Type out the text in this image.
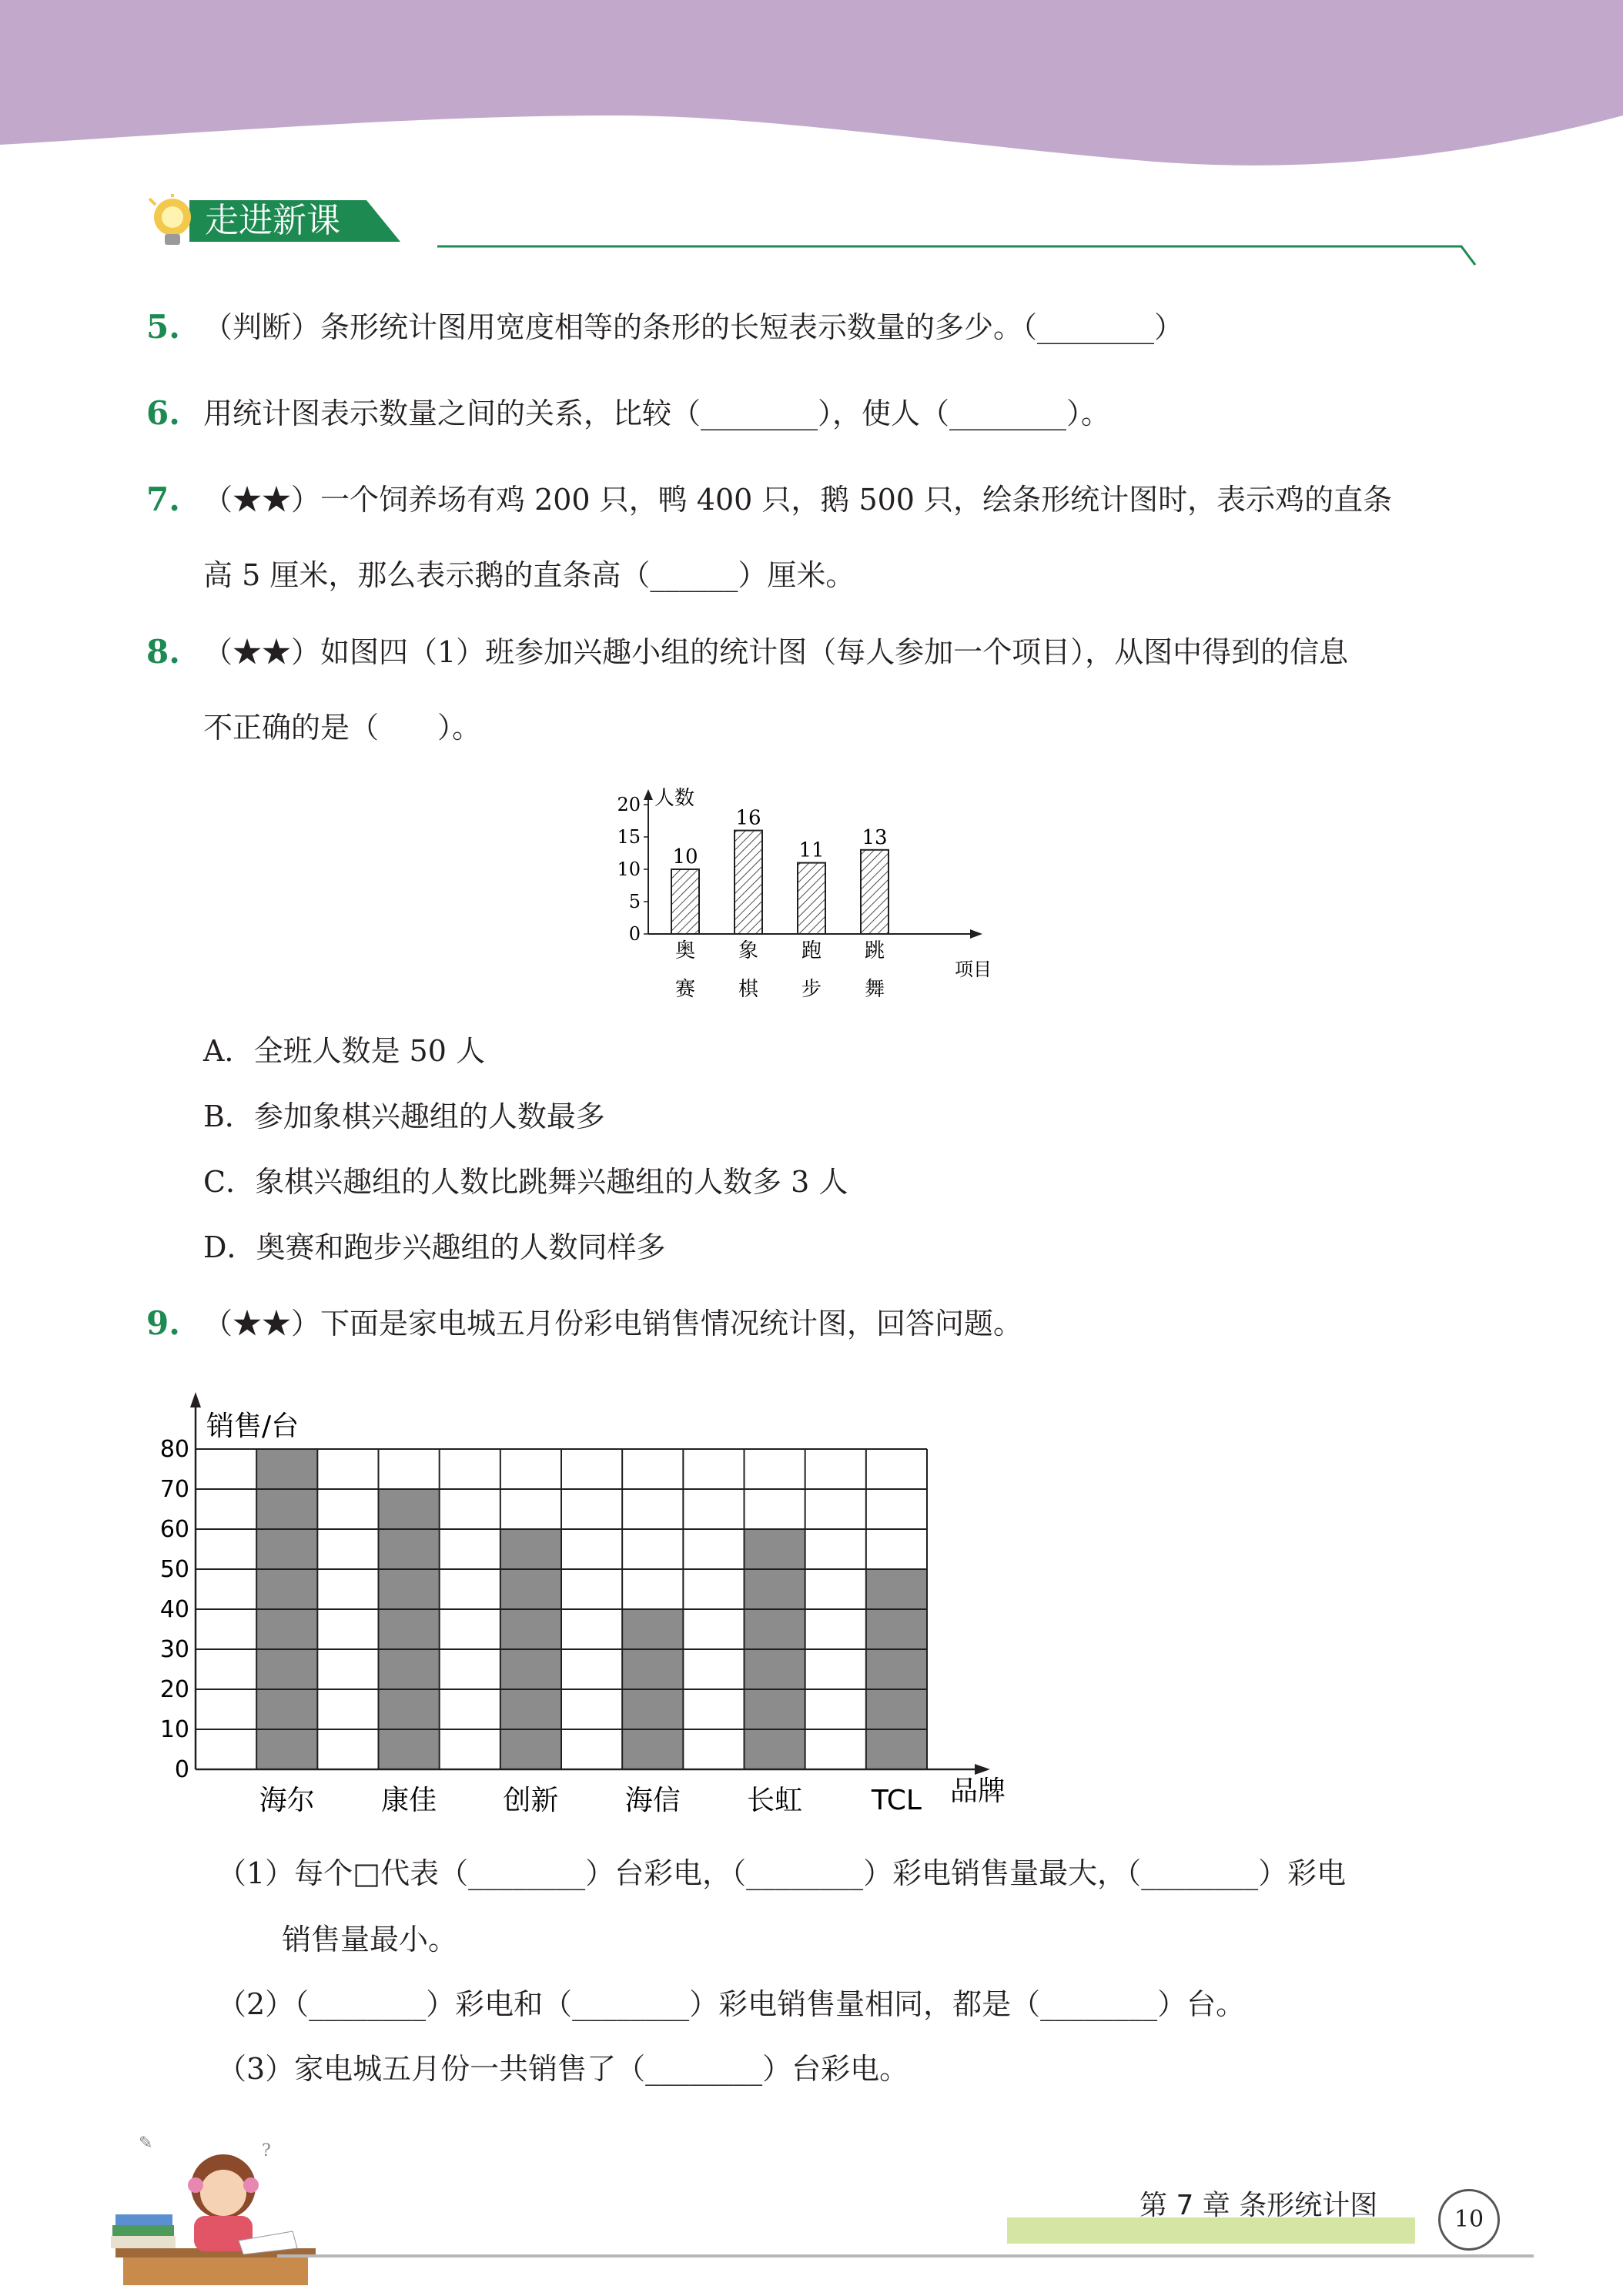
走进新课
5. （判断）条形统计图用宽度相等的条形的长短表示数量的多少。（________）
6. 用统计图表示数量之间的关系，比较（________），使人（________）。
7. （★★）一个饲养场有鸡 200 只，鸭 400 只，鹅 500 只，绘条形统计图时，表示鸡的直条
高 5 厘米，那么表示鹅的直条高（______）厘米。
8. （★★）如图四（1）班参加兴趣小组的统计图（每人参加一个项目），从图中得到的信息
不正确的是（　　）。
0
5
10
15
20 人数
项目
10
奥
赛
16
象
棋
11
跑
步
13
跳
舞
A．全班人数是 50 人
B．参加象棋兴趣组的人数最多
C．象棋兴趣组的人数比跳舞兴趣组的人数多 3 人
D．奥赛和跑步兴趣组的人数同样多
9. （★★）下面是家电城五月份彩电销售情况统计图，回答问题。
0
10
20
30
40
50
60
70
80
销售/台
品牌
海尔 康佳 创新 海信 长虹 TCL
（1）每个□代表（________）台彩电，（________）彩电销售量最大，（________）彩电
销售量最小。
（2）（________）彩电和（________）彩电销售量相同，都是（________）台。
（3）家电城五月份一共销售了（________）台彩电。
✎	?
第 7 章 条形统计图	10
